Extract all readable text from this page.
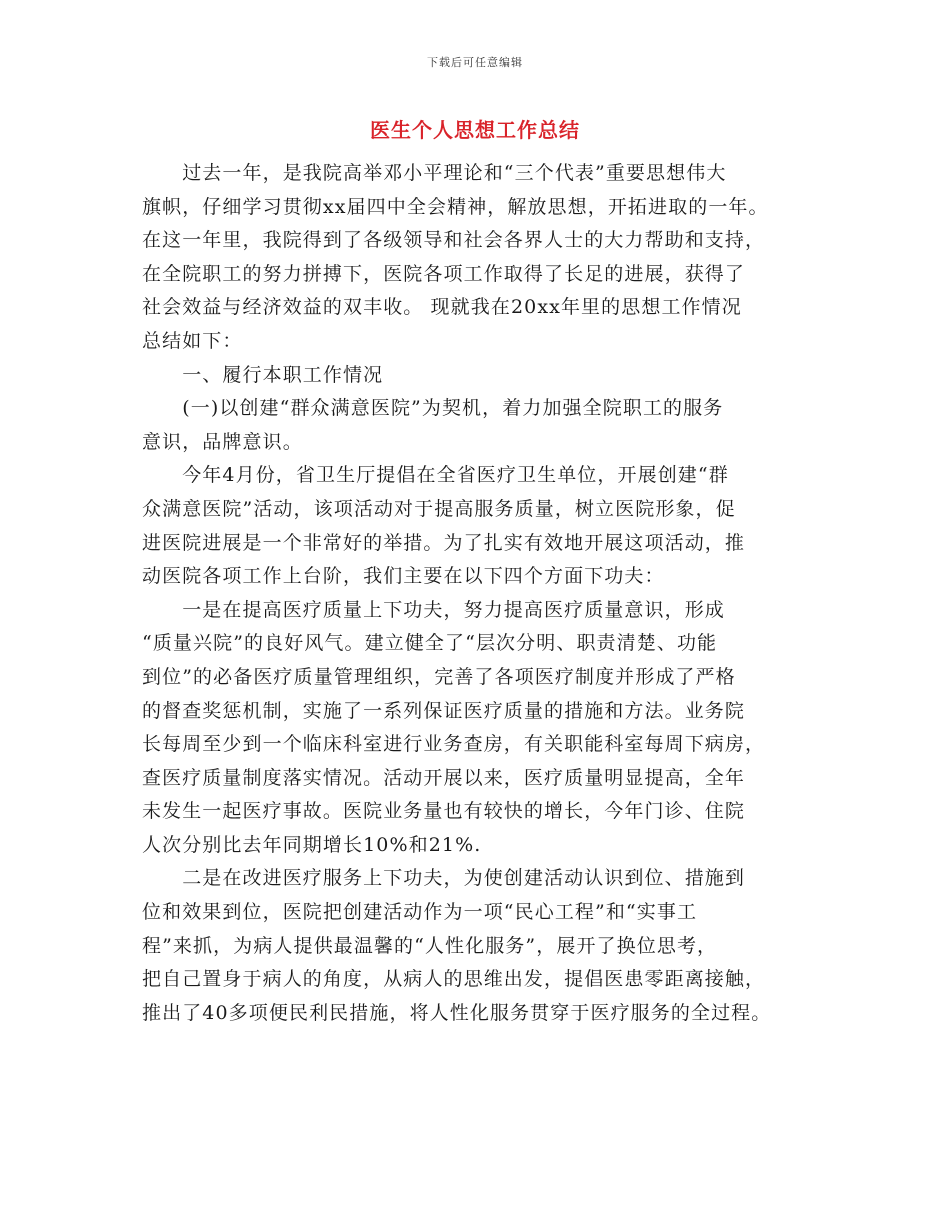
下载后可任意编辑
医生个人思想工作总结
　　过去一年，是我院高举邓小平理论和“三个代表”重要思想伟大
旗帜，仔细学习贯彻xx届四中全会精神，解放思想，开拓进取的一年。
在这一年里，我院得到了各级领导和社会各界人士的大力帮助和支持，
在全院职工的努力拼搏下，医院各项工作取得了长足的进展，获得了
社会效益与经济效益的双丰收。 现就我在20xx年里的思想工作情况
总结如下：
　　一、履行本职工作情况
　　(一)以创建“群众满意医院”为契机，着力加强全院职工的服务
意识，品牌意识。
　　今年4月份，省卫生厅提倡在全省医疗卫生单位，开展创建“群
众满意医院”活动，该项活动对于提高服务质量，树立医院形象，促
进医院进展是一个非常好的举措。为了扎实有效地开展这项活动，推
动医院各项工作上台阶，我们主要在以下四个方面下功夫：
　　一是在提高医疗质量上下功夫，努力提高医疗质量意识，形成
“质量兴院”的良好风气。建立健全了“层次分明、职责清楚、功能
到位”的必备医疗质量管理组织，完善了各项医疗制度并形成了严格
的督查奖惩机制，实施了一系列保证医疗质量的措施和方法。业务院
长每周至少到一个临床科室进行业务查房，有关职能科室每周下病房，
查医疗质量制度落实情况。活动开展以来，医疗质量明显提高，全年
未发生一起医疗事故。医院业务量也有较快的增长，今年门诊、住院
人次分别比去年同期增长10%和21%.
　　二是在改进医疗服务上下功夫，为使创建活动认识到位、措施到
位和效果到位，医院把创建活动作为一项“民心工程”和“实事工
程”来抓，为病人提供最温馨的“人性化服务”，展开了换位思考，
把自己置身于病人的角度，从病人的思维出发，提倡医患零距离接触，
推出了40多项便民利民措施，将人性化服务贯穿于医疗服务的全过程。
